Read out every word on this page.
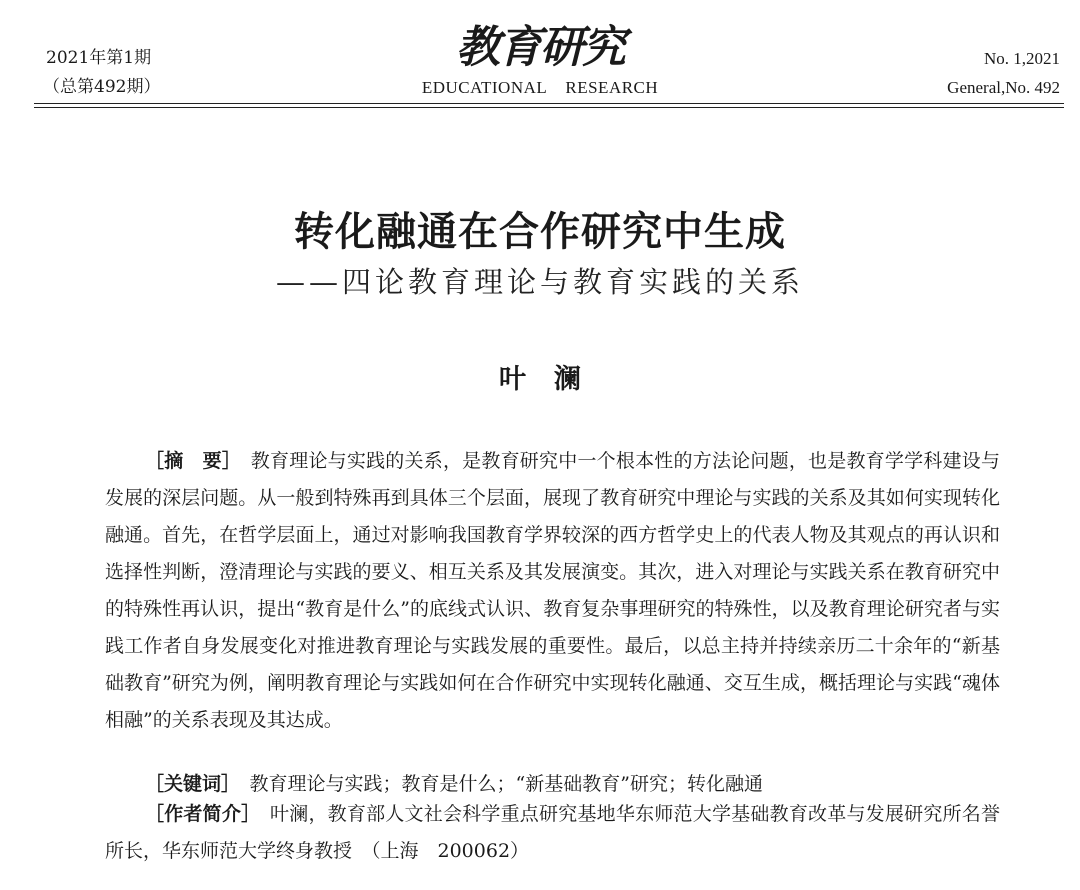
2021年第1期
（总第492期）
教育研究
EDUCATIONAL RESEARCH
No. 1,2021
General,No. 492
转化融通在合作研究中生成
——四论教育理论与教育实践的关系
叶澜
［摘　要］　 教育理论与实践的关系，是教育研究中一个根本性的方法论问题，也是教育学学科建设与发展的深层问题。从一般到特殊再到具体三个层面，展现了教育研究中理论与实践的关系及其如何实现转化融通。首先，在哲学层面上，通过对影响我国教育学界较深的西方哲学史上的代表人物及其观点的再认识和选择性判断，澄清理论与实践的要义、相互关系及其发展演变。其次，进入对理论与实践关系在教育研究中的特殊性再认识，提出“教育是什么”的底线式认识、教育复杂事理研究的特殊性，以及教育理论研究者与实践工作者自身发展变化对推进教育理论与实践发展的重要性。最后，以总主持并持续亲历二十余年的“新基础教育”研究为例，阐明教育理论与实践如何在合作研究中实现转化融通、交互生成，概括理论与实践“魂体相融”的关系表现及其达成。
［关键词］　 教育理论与实践；教育是什么；“新基础教育”研究；转化融通
［作者简介］　 叶澜，教育部人文社会科学重点研究基地华东师范大学基础教育改革与发展研究所名誉所长，华东师范大学终身教授　（上海　200062）
